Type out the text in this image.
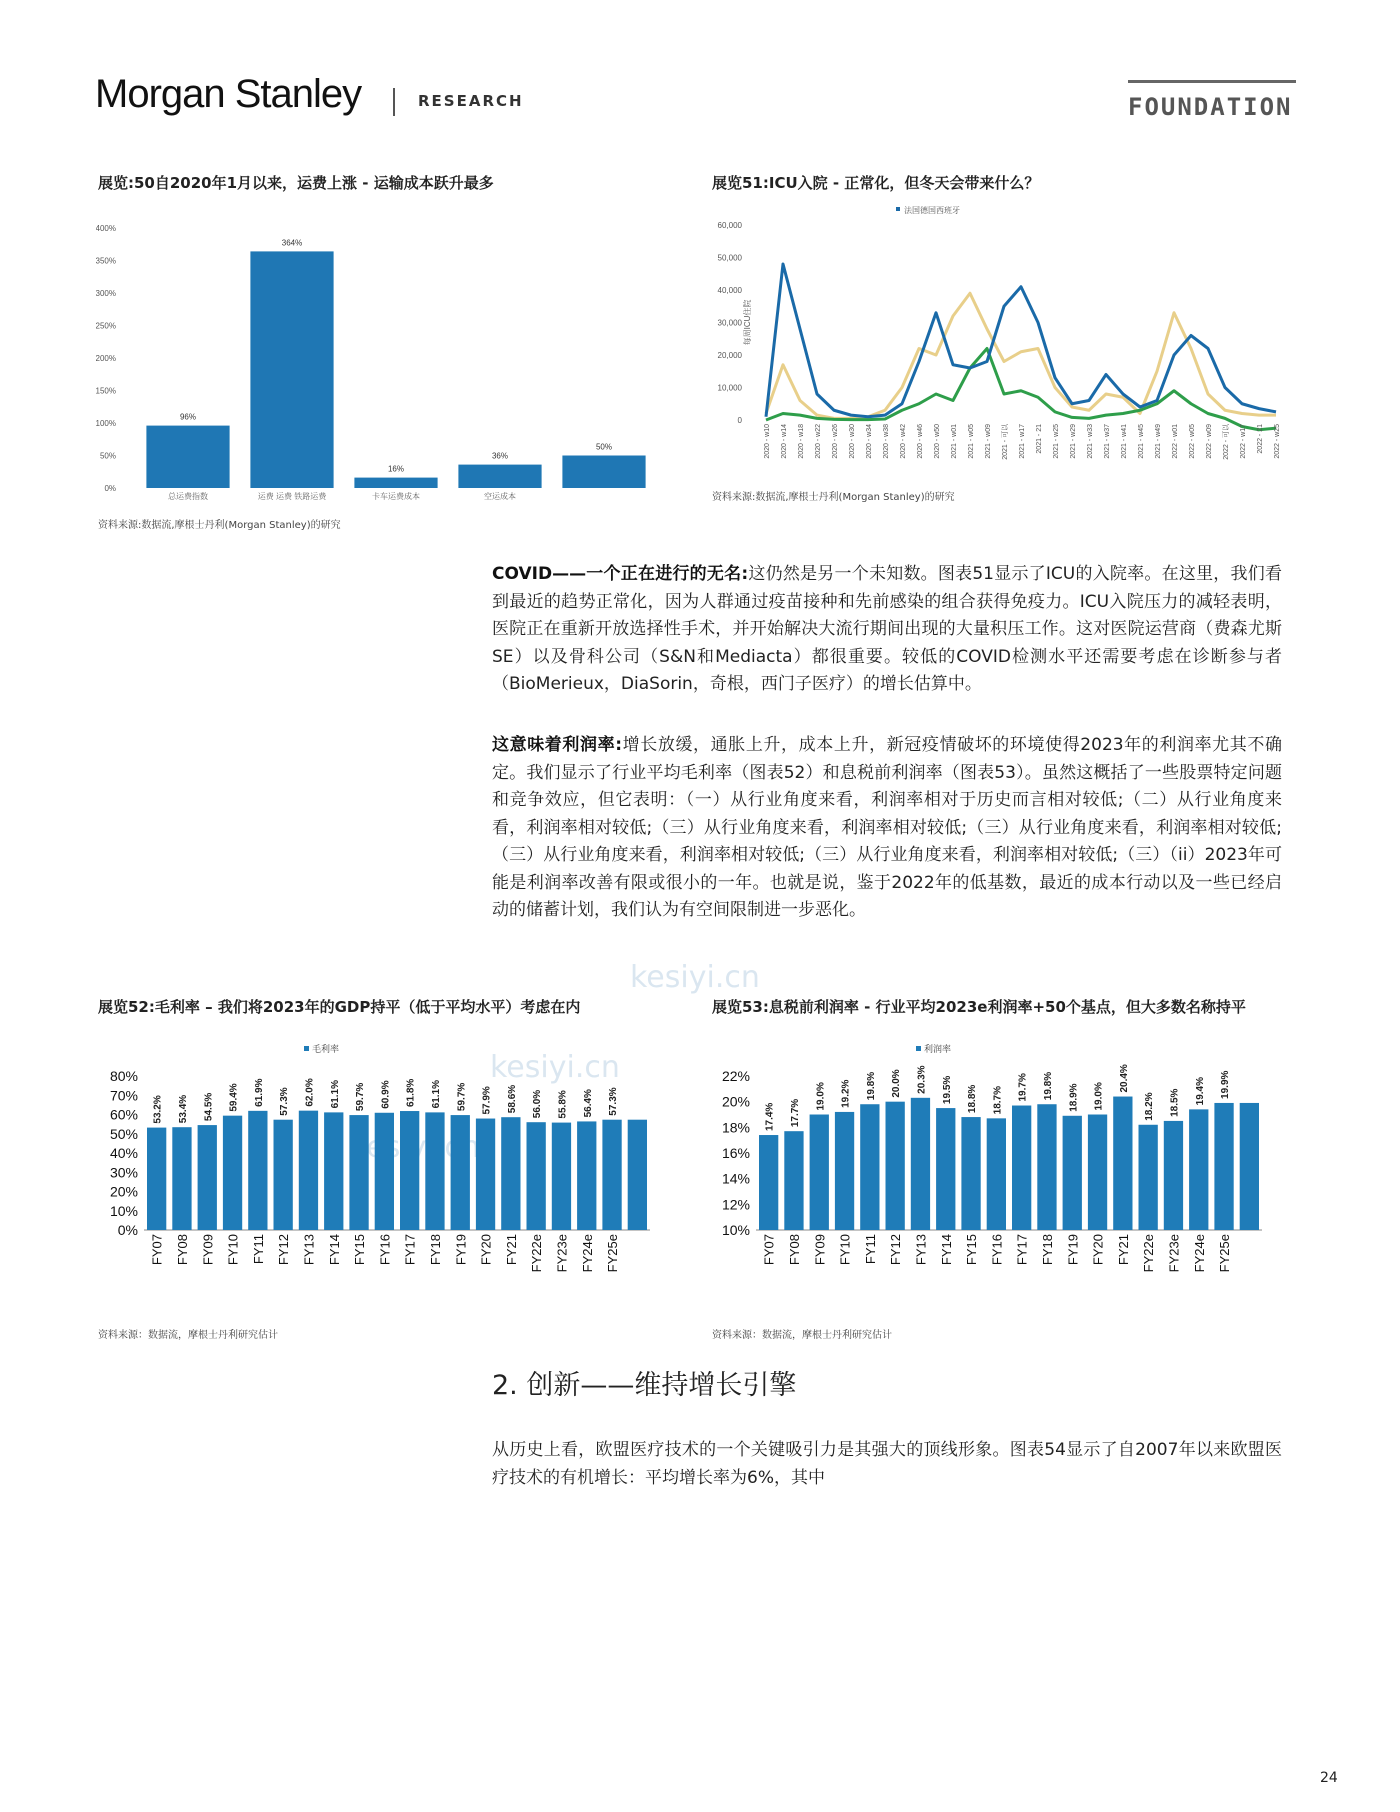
Morgan Stanley	RESEARCH	FOUNDATION
kesiyi.cn
kesiyi.cn
展览:50自2020年1月以来，运费上涨 - 运输成本跃升最多
0%
50%
100%
150%
200%
250%
300%
350%
400%
96%
总运费指数
364%
运费 运费 铁路运费
16%
卡车运费成本
36%
空运成本
50%
资料来源:数据流,摩根士丹利(Morgan Stanley)的研究
展览51:ICU入院 - 正常化，但冬天会带来什么？
法国德国西班牙
0
10,000
20,000
30,000
40,000
50,000
60,000
每周ICU住院
2020 - w10 2020 - w14 2020 - w18 2020 - w22 2020 - w26 2020 - w30 2020 - w34 2020 - w38 2020 - w42 2020 - w46 2020 - w50 2021 - w01 2021 - w05 2021 - w09 2021 - 可以 2021 - w17 2021 - 21 2021 - w25 2021 - w29 2021 - w33 2021 - w37 2021 - w41 2021 - w45 2021 - w49 2022 - w01 2022 - w05 2022 - w09 2022 - 可以 2022 - w17 2022 - 21 2022 - w25
资料来源:数据流,摩根士丹利(Morgan Stanley)的研究
COVID——一个正在进行的无名:这仍然是另一个未知数。图表51显示了ICU的入院率。在这里，我们看到最近的趋势正常化，因为人群通过疫苗接种和先前感染的组合获得免疫力。ICU入院压力的减轻表明，医院正在重新开放选择性手术，并开始解决大流行期间出现的大量积压工作。这对医院运营商（费森尤斯SE）以及骨科公司（S&N和Mediacta）都很重要。较低的COVID检测水平还需要考虑在诊断参与者（BioMerieux，DiaSorin，奇根，西门子医疗）的增长估算中。
这意味着利润率:增长放缓，通胀上升，成本上升，新冠疫情破坏的环境使得2023年的利润率尤其不确定。我们显示了行业平均毛利率（图表52）和息税前利润率（图表53）。虽然这概括了一些股票特定问题和竞争效应，但它表明：（一）从行业角度来看，利润率相对于历史而言相对较低;（二）从行业角度来看，利润率相对较低;（三）从行业角度来看，利润率相对较低;（三）从行业角度来看，利润率相对较低;（三）从行业角度来看，利润率相对较低;（三）从行业角度来看，利润率相对较低;（三）（ii）2023年可能是利润率改善有限或很小的一年。也就是说，鉴于2022年的低基数，最近的成本行动以及一些已经启动的储蓄计划，我们认为有空间限制进一步恶化。
展览52:毛利率 – 我们将2023年的GDP持平（低于平均水平）考虑在内
毛利率
0%
10%
20%
30%
40%
50%
60%
70%
80%
53.2%
FY07
53.4%
FY08
54.5%
FY09
59.4%
FY10
61.9%
FY11
57.3%
FY12
62.0%
FY13
61.1%
FY14
59.7%
FY15
60.9%
FY16
61.8%
FY17
61.1%
FY18
59.7%
FY19
57.9%
FY20
58.6%
FY21
56.0%
FY22e
55.8%
FY23e
56.4%
FY24e
57.3%
FY25e
资料来源：数据流，摩根士丹利研究估计
展览53:息税前利润率 - 行业平均2023e利润率+50个基点，但大多数名称持平
利润率
10%
12%
14%
16%
18%
20%
22%
17.4%
FY07
17.7%
FY08
19.0%
FY09
19.2%
FY10
19.8%
FY11
20.0%
FY12
20.3%
FY13
19.5%
FY14
18.8%
FY15
18.7%
FY16
19.7%
FY17
19.8%
FY18
18.9%
FY19
19.0%
FY20
20.4%
FY21
18.2%
FY22e
18.5%
FY23e
19.4%
FY24e
19.9%
FY25e
资料来源：数据流，摩根士丹利研究估计
2. 创新——维持增长引擎
从历史上看，欧盟医疗技术的一个关键吸引力是其强大的顶线形象。图表54显示了自2007年以来欧盟医疗技术的有机增长：平均增长率为6%，其中
24
